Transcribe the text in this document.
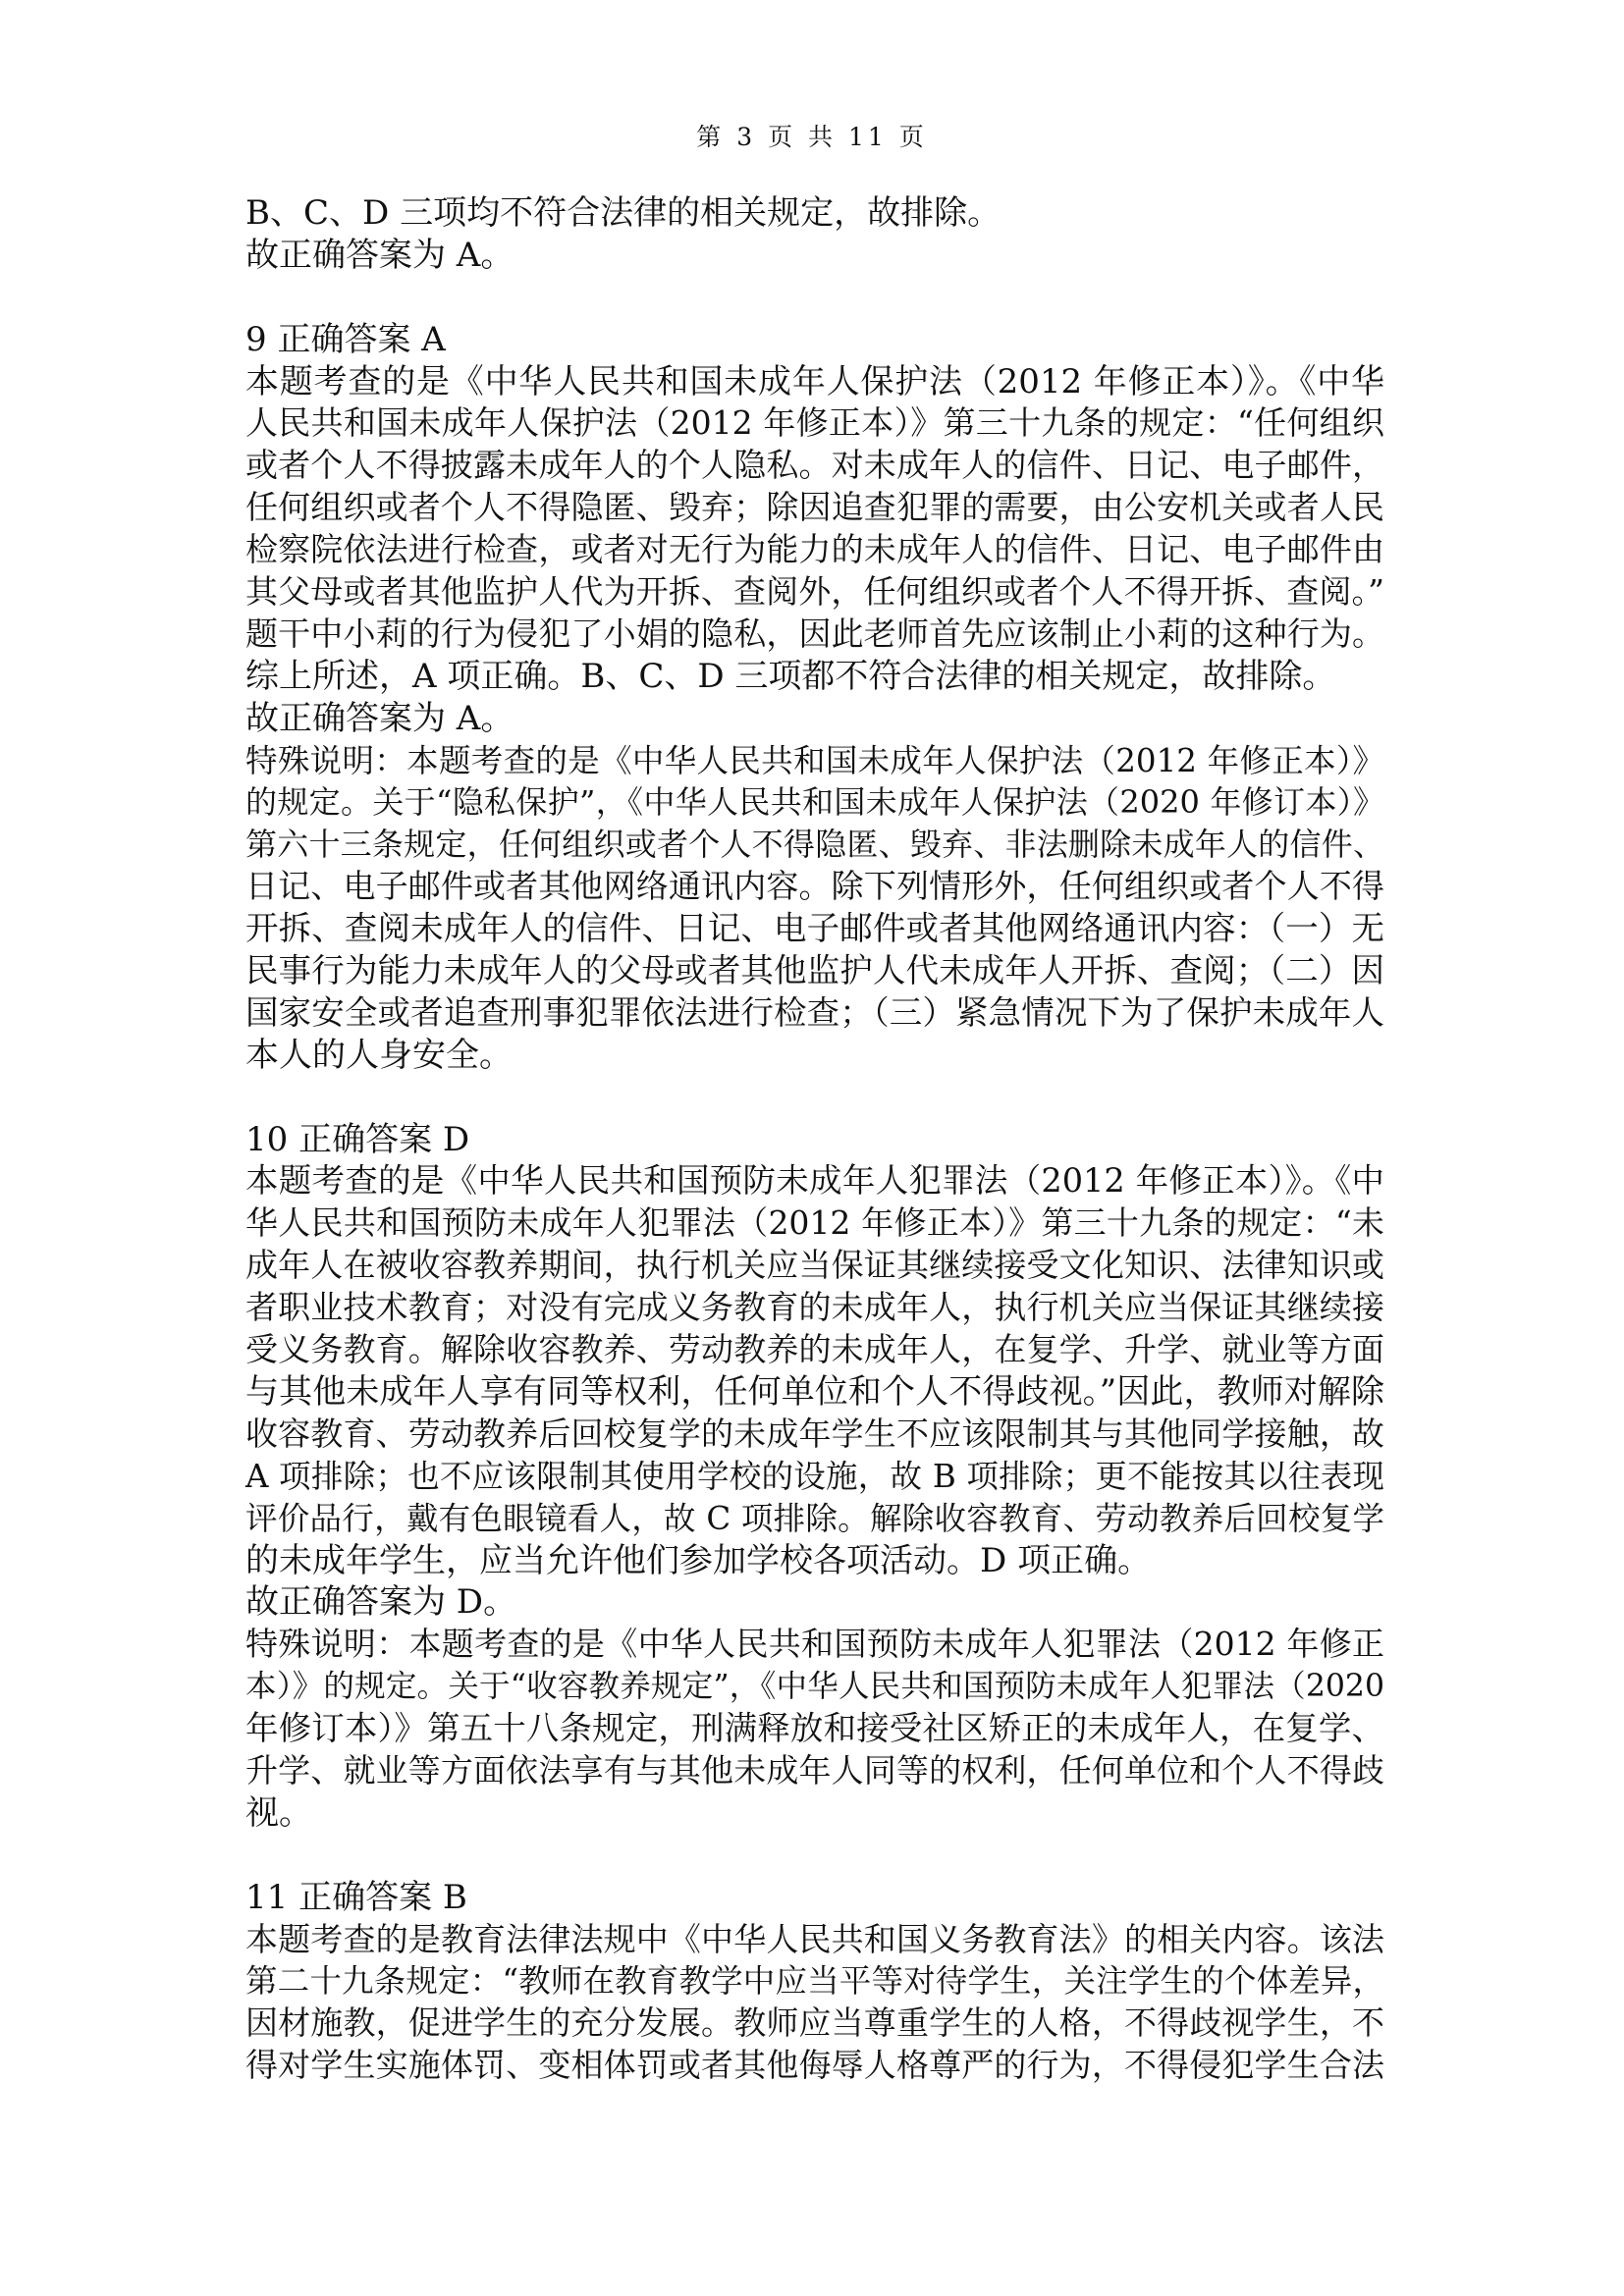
第 3 页 共 11 页
B、C、D 三项均不符合法律的相关规定，故排除。
故正确答案为 A。
9 正确答案 A
本题考查的是《中华人民共和国未成年人保护法（2012 年修正本）》。《中华
人民共和国未成年人保护法（2012 年修正本）》第三十九条的规定：“任何组织
或者个人不得披露未成年人的个人隐私。对未成年人的信件、日记、电子邮件，
任何组织或者个人不得隐匿、毁弃；除因追查犯罪的需要，由公安机关或者人民
检察院依法进行检查，或者对无行为能力的未成年人的信件、日记、电子邮件由
其父母或者其他监护人代为开拆、查阅外，任何组织或者个人不得开拆、查阅。”
题干中小莉的行为侵犯了小娟的隐私，因此老师首先应该制止小莉的这种行为。
综上所述，A 项正确。B、C、D 三项都不符合法律的相关规定，故排除。
故正确答案为 A。
特殊说明：本题考查的是《中华人民共和国未成年人保护法（2012 年修正本）》
的规定。关于“隐私保护”，《中华人民共和国未成年人保护法（2020 年修订本）》
第六十三条规定，任何组织或者个人不得隐匿、毁弃、非法删除未成年人的信件、
日记、电子邮件或者其他网络通讯内容。除下列情形外，任何组织或者个人不得
开拆、查阅未成年人的信件、日记、电子邮件或者其他网络通讯内容：（一）无
民事行为能力未成年人的父母或者其他监护人代未成年人开拆、查阅；（二）因
国家安全或者追查刑事犯罪依法进行检查；（三）紧急情况下为了保护未成年人
本人的人身安全。
10 正确答案 D
本题考查的是《中华人民共和国预防未成年人犯罪法（2012 年修正本）》。《中
华人民共和国预防未成年人犯罪法（2012 年修正本）》第三十九条的规定：“未
成年人在被收容教养期间，执行机关应当保证其继续接受文化知识、法律知识或
者职业技术教育；对没有完成义务教育的未成年人，执行机关应当保证其继续接
受义务教育。解除收容教养、劳动教养的未成年人，在复学、升学、就业等方面
与其他未成年人享有同等权利，任何单位和个人不得歧视。”因此，教师对解除
收容教育、劳动教养后回校复学的未成年学生不应该限制其与其他同学接触，故
A 项排除；也不应该限制其使用学校的设施，故 B 项排除；更不能按其以往表现
评价品行，戴有色眼镜看人，故 C 项排除。解除收容教育、劳动教养后回校复学
的未成年学生，应当允许他们参加学校各项活动。D 项正确。
故正确答案为 D。
特殊说明：本题考查的是《中华人民共和国预防未成年人犯罪法（2012 年修正
本）》的规定。关于“收容教养规定”，《中华人民共和国预防未成年人犯罪法（2020
年修订本）》第五十八条规定，刑满释放和接受社区矫正的未成年人，在复学、
升学、就业等方面依法享有与其他未成年人同等的权利，任何单位和个人不得歧
视。
11 正确答案 B
本题考查的是教育法律法规中《中华人民共和国义务教育法》的相关内容。该法
第二十九条规定：“教师在教育教学中应当平等对待学生，关注学生的个体差异，
因材施教，促进学生的充分发展。教师应当尊重学生的人格，不得歧视学生，不
得对学生实施体罚、变相体罚或者其他侮辱人格尊严的行为，不得侵犯学生合法
